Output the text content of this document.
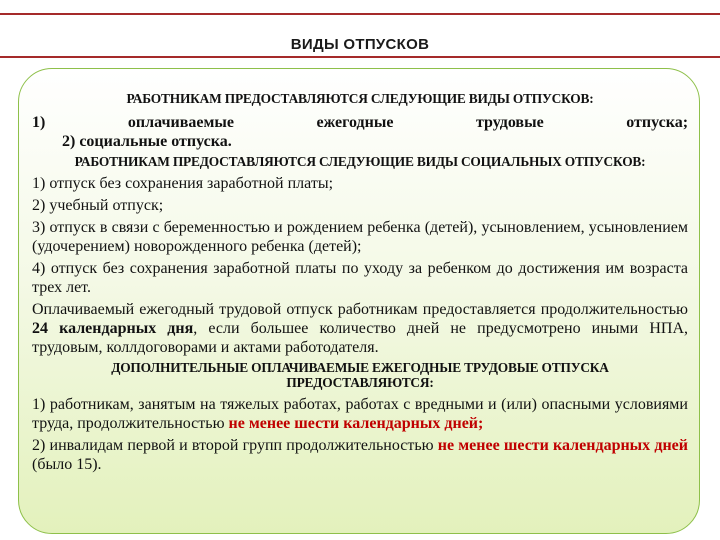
ВИДЫ ОТПУСКОВ

РАБОТНИКАМ ПРЕДОСТАВЛЯЮТСЯ СЛЕДУЮЩИЕ ВИДЫ ОТПУСКОВ:

1)	оплачиваемые	ежегодные	трудовые	отпуска;

2) социальные отпуска.

РАБОТНИКАМ ПРЕДОСТАВЛЯЮТСЯ СЛЕДУЮЩИЕ ВИДЫ СОЦИАЛЬНЫХ ОТПУСКОВ:

1) отпуск без сохранения заработной платы;

2) учебный отпуск;

3) отпуск в связи с беременностью и рождением ребенка (детей), усыновлением, усыновлением (удочерением) новорожденного ребенка (детей);

4) отпуск без сохранения заработной платы по уходу за ребенком до достижения им возраста трех лет.

Оплачиваемый ежегодный трудовой отпуск работникам предоставляется продолжительностью 24 календарных дня, если большее количество дней не предусмотрено иными НПА, трудовым, коллдоговорами и актами работодателя.

ДОПОЛНИТЕЛЬНЫЕ ОПЛАЧИВАЕМЫЕ ЕЖЕГОДНЫЕ ТРУДОВЫЕ ОТПУСКА ПРЕДОСТАВЛЯЮТСЯ:

1) работникам, занятым на тяжелых работах, работах с вредными и (или) опасными условиями труда, продолжительностью не менее шести календарных дней;

2) инвалидам первой и второй групп продолжительностью не менее шести календарных дней (было 15).
